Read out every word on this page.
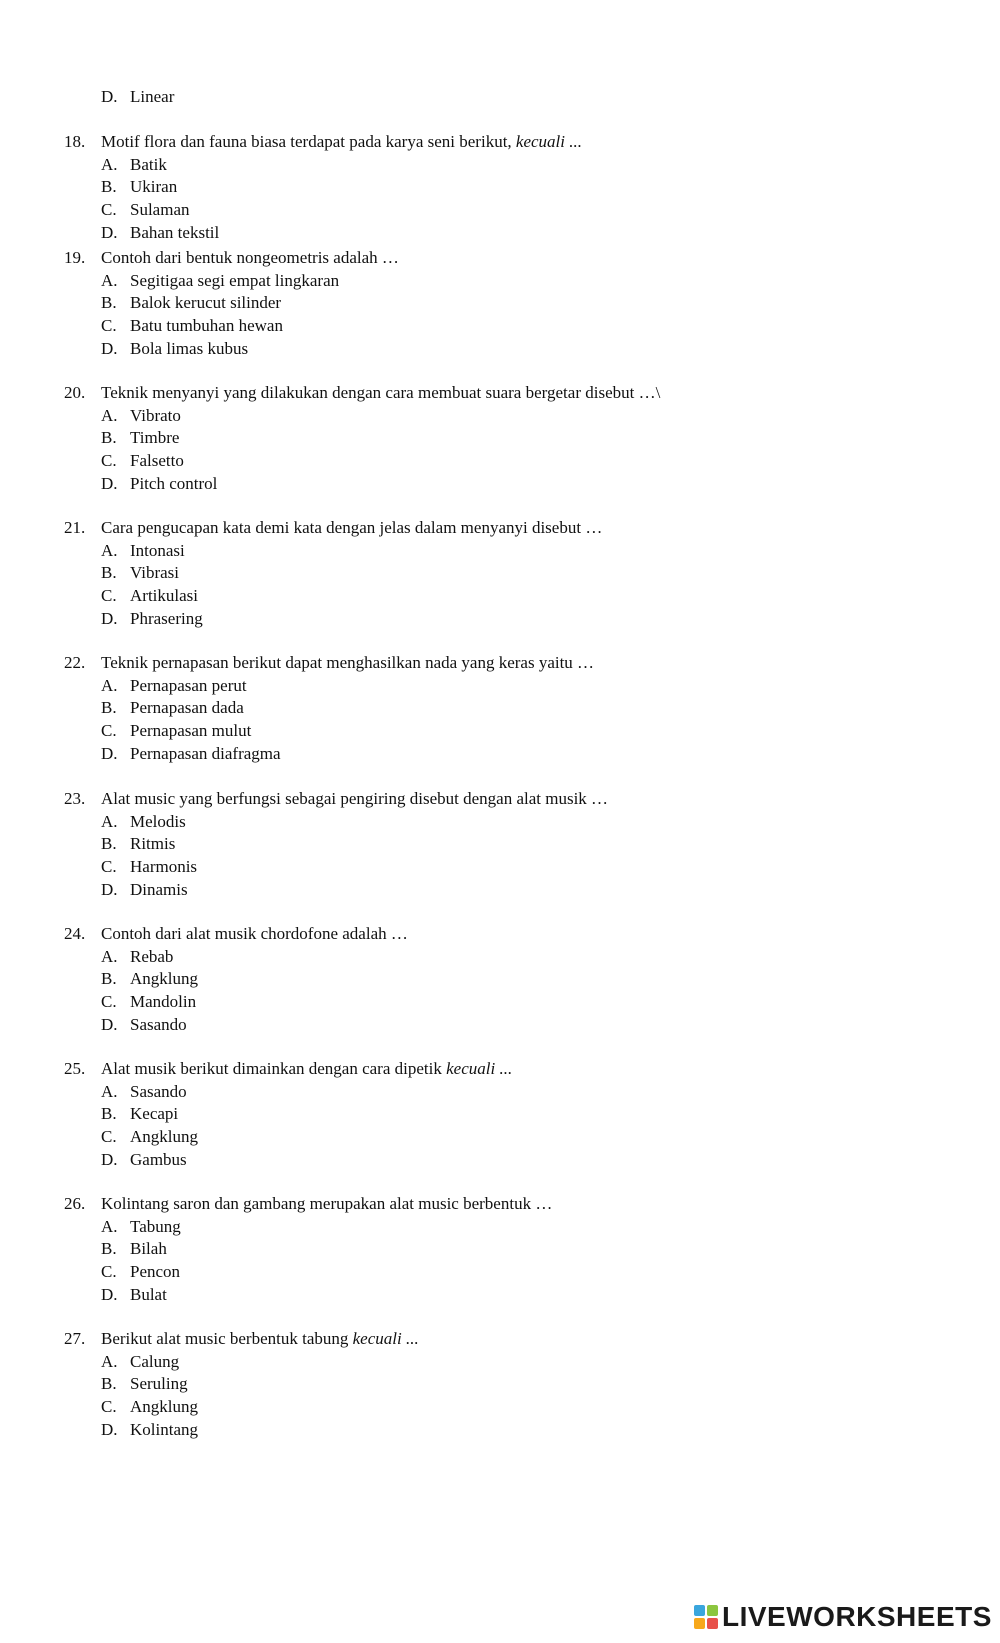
D. Linear
18. Motif flora dan fauna biasa terdapat pada karya seni berikut, kecuali ...
A. Batik
B. Ukiran
C. Sulaman
D. Bahan tekstil
19. Contoh dari bentuk nongeometris adalah …
A. Segitigaa segi empat lingkaran
B. Balok kerucut silinder
C. Batu tumbuhan hewan
D. Bola limas kubus
20. Teknik menyanyi yang dilakukan dengan cara membuat suara bergetar disebut …\
A. Vibrato
B. Timbre
C. Falsetto
D. Pitch control
21. Cara pengucapan kata demi kata dengan jelas dalam menyanyi disebut …
A. Intonasi
B. Vibrasi
C. Artikulasi
D. Phrasering
22. Teknik pernapasan berikut dapat menghasilkan nada yang keras yaitu …
A. Pernapasan perut
B. Pernapasan dada
C. Pernapasan mulut
D. Pernapasan diafragma
23. Alat music yang berfungsi sebagai pengiring disebut dengan alat musik …
A. Melodis
B. Ritmis
C. Harmonis
D. Dinamis
24. Contoh dari alat musik chordofone adalah …
A. Rebab
B. Angklung
C. Mandolin
D. Sasando
25. Alat musik berikut dimainkan dengan cara dipetik kecuali ...
A. Sasando
B. Kecapi
C. Angklung
D. Gambus
26. Kolintang saron dan gambang merupakan alat music berbentuk …
A. Tabung
B. Bilah
C. Pencon
D. Bulat
27. Berikut alat music berbentuk tabung kecuali ...
A. Calung
B. Seruling
C. Angklung
D. Kolintang
LIVEWORKSHEETS
